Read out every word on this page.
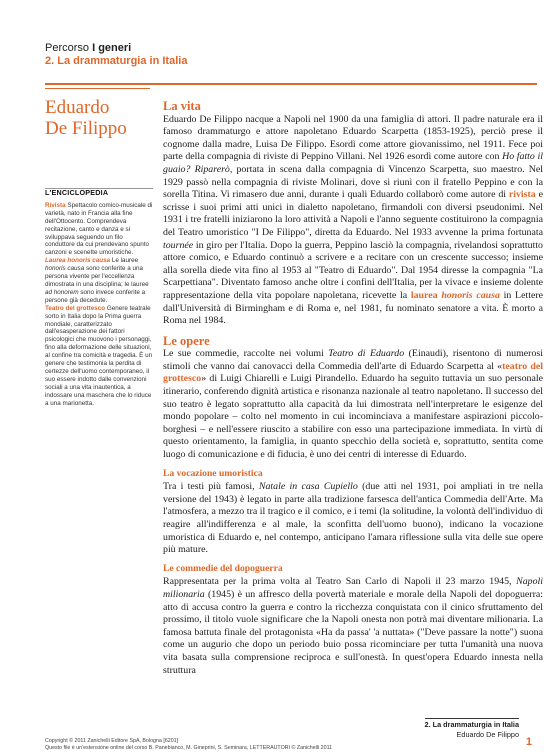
Percorso I generi
2. La drammaturgia in Italia
Eduardo
De Filippo
L'ENCICLOPEDIA
Rivista Spettacolo comico-musicale di varietà, nato in Francia alla fine dell'Ottocento. Comprendeva recitazione, canto e danza e si sviluppava seguendo un filo conduttore da cui prendevano spunto canzoni e scenette umoristiche.
Laurea honoris causa Le lauree honoris causa sono conferite a una persona vivente per l'eccellenza dimostrata in una disciplina; le lauree ad honorem sono invece conferite a persone già decedute.
Teatro del grottesco Genere teatrale sorto in Italia dopo la Prima guerra mondiale, caratterizzato dall'esasperazione dei fattori psicologici che muovono i personaggi, fino alla deformazione delle situazioni, al confine tra comicità e tragedia. È un genere che testimonia la perdita di certezze dell'uomo contemporaneo, il suo essere indotto dalle convenzioni sociali a una vita inautentica, a indossare una maschera che lo riduce a una marionetta.
La vita

Eduardo De Filippo nacque a Napoli nel 1900 da una famiglia di attori. Il padre naturale era il famoso drammaturgo e attore napoletano Eduardo Scarpetta (1853-1925), perciò prese il cognome dalla madre, Luisa De Filippo. Esordì come attore giovanissimo, nel 1911. Fece poi parte della compagnia di riviste di Peppino Villani. Nel 1926 esordì come autore con Ho fatto il guaio? Riparerò, portata in scena dalla compagnia di Vincenzo Scarpetta, suo maestro. Nel 1929 passò nella compagnia di riviste Molinari, dove si riunì con il fratello Peppino e con la sorella Titina. Vi rimasero due anni, durante i quali Eduardo collaborò come autore di rivista e scrisse i suoi primi atti unici in dialetto napoletano, firmandoli con diversi pseudonimi. Nel 1931 i tre fratelli iniziarono la loro attività a Napoli e l'anno seguente costituirono la compagnia del Teatro umoristico "I De Filippo", diretta da Eduardo. Nel 1933 avvenne la prima fortunata tournée in giro per l'Italia. Dopo la guerra, Peppino lasciò la compagnia, rivelandosi soprattutto attore comico, e Eduardo continuò a scrivere e a recitare con un crescente successo; insieme alla sorella diede vita fino al 1953 al "Teatro di Eduardo". Dal 1954 diresse la compagnia "La Scarpettiana". Diventato famoso anche oltre i confini dell'Italia, per la vivace e insieme dolente rappresentazione della vita popolare napoletana, ricevette la laurea honoris causa in Lettere dall'Università di Birmingham e di Roma e, nel 1981, fu nominato senatore a vita. È morto a Roma nel 1984.

Le opere

Le sue commedie, raccolte nei volumi Teatro di Eduardo (Einaudi), risentono di numerosi stimoli che vanno dai canovacci della Commedia dell'arte di Eduardo Scarpetta al «teatro del grottesco» di Luigi Chiarelli e Luigi Pirandello. Eduardo ha seguito tuttavia un suo personale itinerario, conferendo dignità artistica e risonanza nazionale al teatro napoletano. Il successo del suo teatro è legato soprattutto alla capacità da lui dimostrata nell'interpretare le esigenze del mondo popolare – colto nel momento in cui incominciava a manifestare aspirazioni piccolo-borghesi – e nell'essere riuscito a stabilire con esso una partecipazione immediata. In virtù di questo orientamento, la famiglia, in quanto specchio della società e, soprattutto, sentita come luogo di comunicazione e di fiducia, è uno dei centri di interesse di Eduardo.

La vocazione umoristica

Tra i testi più famosi, Natale in casa Cupiello (due atti nel 1931, poi ampliati in tre nella versione del 1943) è legato in parte alla tradizione farsesca dell'antica Commedia dell'Arte. Ma l'atmosfera, a mezzo tra il tragico e il comico, e i temi (la solitudine, la volontà dell'individuo di reagire all'indifferenza e al male, la sconfitta dell'uomo buono), indicano la vocazione umoristica di Eduardo e, nel contempo, anticipano l'amara riflessione sulla vita delle sue opere più mature.

Le commedie del dopoguerra

Rappresentata per la prima volta al Teatro San Carlo di Napoli il 23 marzo 1945, Napoli milionaria (1945) è un affresco della povertà materiale e morale della Napoli del dopoguerra: atto di accusa contro la guerra e contro la ricchezza conquistata con il cinico sfruttamento del prossimo, il titolo vuole significare che la Napoli onesta non potrà mai diventare milionaria. La famosa battuta finale del protagonista «Ha da passa' 'a nuttata» ("Deve passare la notte") suona come un augurio che dopo un periodo buio possa ricominciare per tutta l'umanità una nuova vita basata sulla comprensione reciproca e sull'onestà. In quest'opera Eduardo innesta nella struttura

2. La drammaturgia in Italia
Eduardo De Filippo
1
Copyright © 2011 Zanichelli Editore SpA, Bologna [6201]
Questo file è un'estensione online del corso B. Panebianco, M. Gineprini, S. Seminara, LETTERAUTORI © Zanichelli 2011
